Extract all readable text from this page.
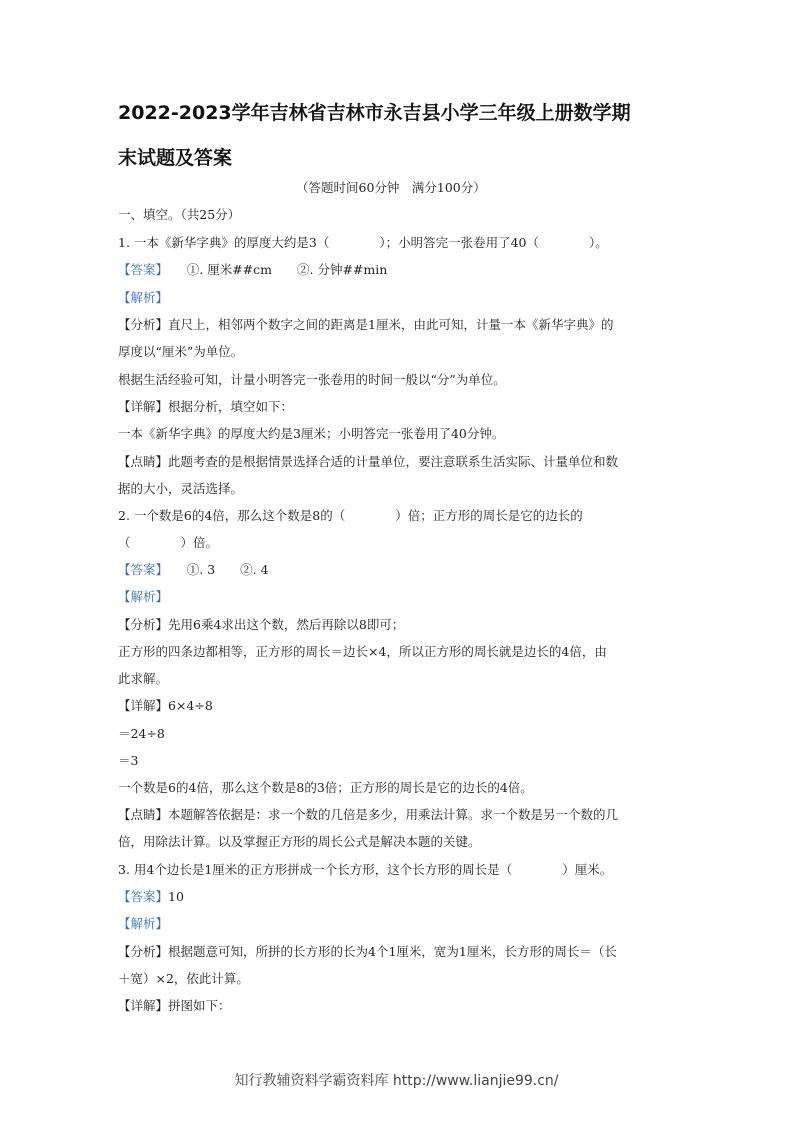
2022-2023学年吉林省吉林市永吉县小学三年级上册数学期
末试题及答案
（答题时间60分钟　满分100分）
一、填空。（共25分）
1. 一本《新华字典》的厚度大约是3（　　　　）；小明答完一张卷用了40（　　　　）。
【答案】　　①. 厘米##cm　　②. 分钟##min
【解析】
【分析】直尺上，相邻两个数字之间的距离是1厘米，由此可知，计量一本《新华字典》的
厚度以“厘米”为单位。
根据生活经验可知，计量小明答完一张卷用的时间一般以“分”为单位。
【详解】根据分析，填空如下：
一本《新华字典》的厚度大约是3厘米；小明答完一张卷用了40分钟。
【点睛】此题考查的是根据情景选择合适的计量单位，要注意联系生活实际、计量单位和数
据的大小，灵活选择。
2. 一个数是6的4倍，那么这个数是8的（　　　　）倍；正方形的周长是它的边长的
（　　　　）倍。
【答案】　　①. 3　　②. 4
【解析】
【分析】先用6乘4求出这个数，然后再除以8即可；
正方形的四条边都相等，正方形的周长＝边长×4，所以正方形的周长就是边长的4倍，由
此求解。
【详解】6×4÷8
＝24÷8
＝3
一个数是6的4倍，那么这个数是8的3倍；正方形的周长是它的边长的4倍。
【点睛】本题解答依据是：求一个数的几倍是多少，用乘法计算。求一个数是另一个数的几
倍，用除法计算。以及掌握正方形的周长公式是解决本题的关键。
3. 用4个边长是1厘米的正方形拼成一个长方形，这个长方形的周长是（　　　　）厘米。
【答案】10
【解析】
【分析】根据题意可知，所拼的长方形的长为4个1厘米，宽为1厘米，长方形的周长＝（长
＋宽）×2，依此计算。
【详解】拼图如下：
知行教辅资料学霸资料库 http://www.lianjie99.cn/
